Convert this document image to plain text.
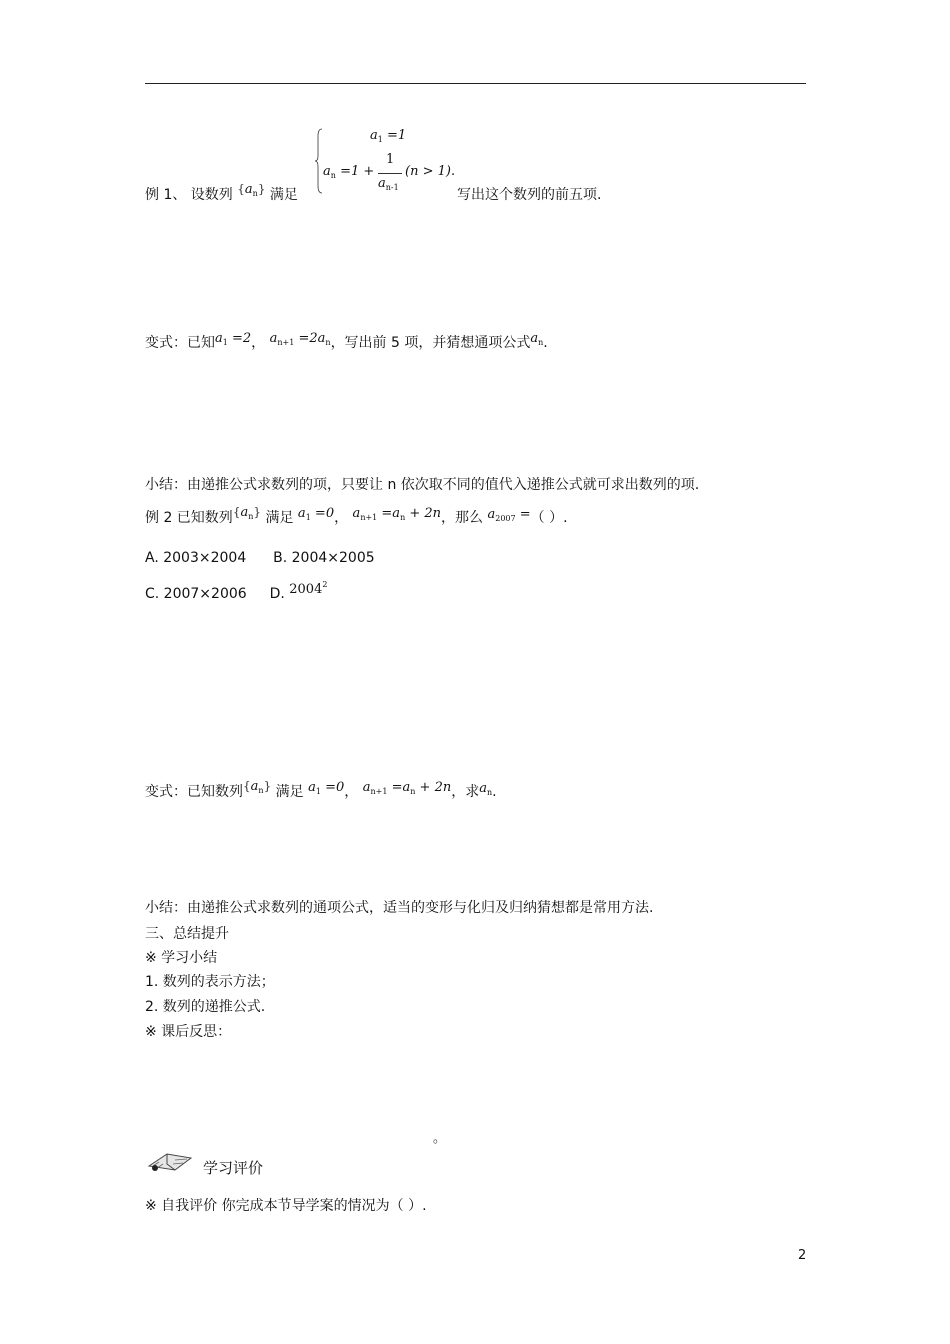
$a_1 =1$
$a_n =1$ +
1
$a_{n-1}$
(n > 1).
例 1、 设数列 $\{a_n\}$ 满足	写出这个数列的前五项.
变式：已知$a_1 =2$， $a_{n+1} =2a_n$，写出前 5 项，并猜想通项公式$a_n$.
小结：由递推公式求数列的项，只要让 n 依次取不同的值代入递推公式就可求出数列的项.
例 2 已知数列$\{a_n\}$ 满足 $a_1 =0$， $a_{n+1} =a_n + 2n$，那么 $a_{2007}$ =（ ）.
A. 2003×2004 B. 2004×2005
C. 2007×2006 D. 2004$^2$
变式：已知数列$\{a_n\}$ 满足 $a_1 =0$， $a_{n+1} =a_n + 2n$，求$a_n$.
小结：由递推公式求数列的通项公式，适当的变形与化归及归纳猜想都是常用方法.
三、总结提升
※ 学习小结
1. 数列的表示方法；
2. 数列的递推公式.
※ 课后反思：
。
学习评价
※ 自我评价 你完成本节导学案的情况为（ ）.
2
